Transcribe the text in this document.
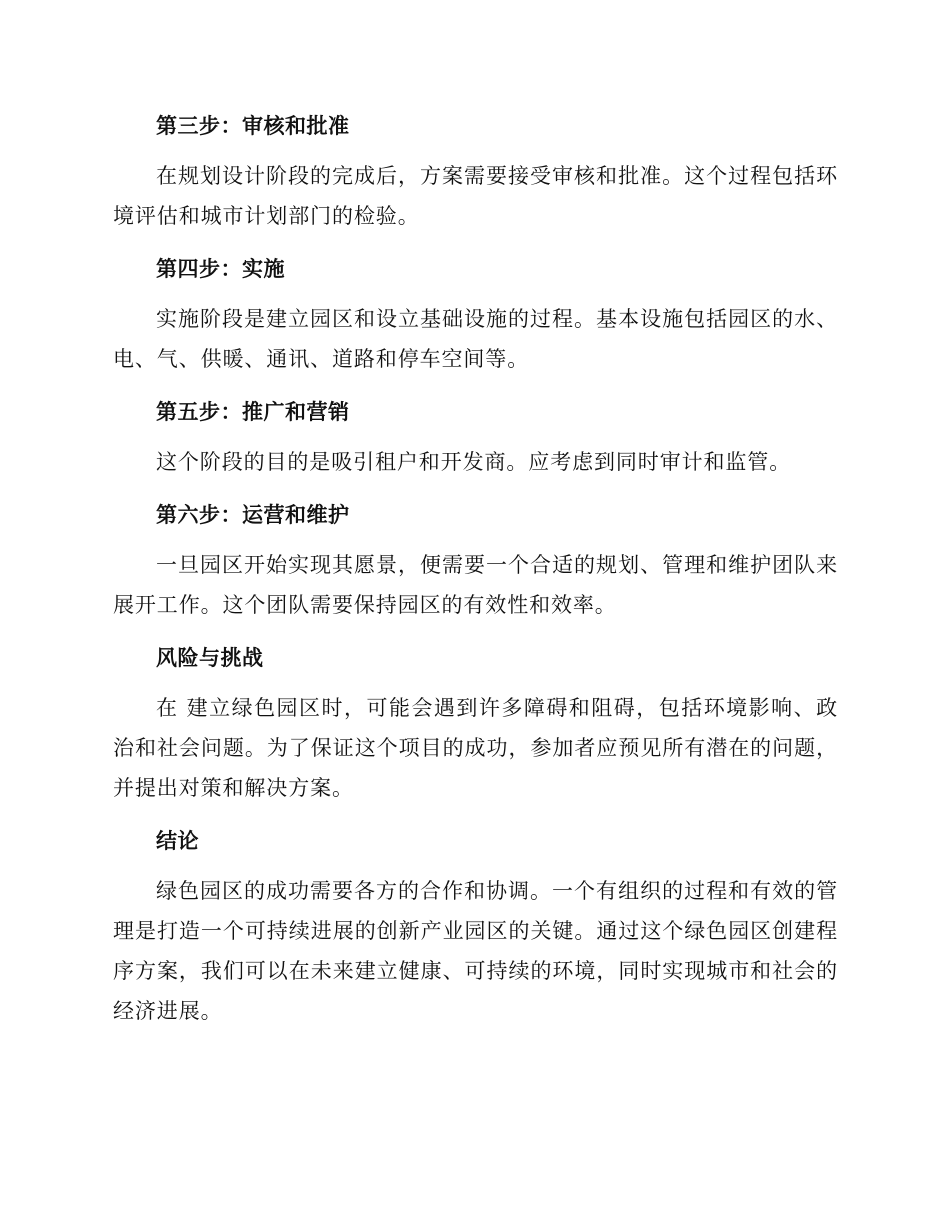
第三步：审核和批准

在规划设计阶段的完成后，方案需要接受审核和批准。这个过程包括环境评估和城市计划部门的检验。

第四步：实施

实施阶段是建立园区和设立基础设施的过程。基本设施包括园区的水、电、气、供暖、通讯、道路和停车空间等。

第五步：推广和营销

这个阶段的目的是吸引租户和开发商。应考虑到同时审计和监管。

第六步：运营和维护

一旦园区开始实现其愿景，便需要一个合适的规划、管理和维护团队来展开工作。这个团队需要保持园区的有效性和效率。

风险与挑战

在 建立绿色园区时，可能会遇到许多障碍和阻碍，包括环境影响、政治和社会问题。为了保证这个项目的成功，参加者应预见所有潜在的问题，并提出对策和解决方案。

结论

绿色园区的成功需要各方的合作和协调。一个有组织的过程和有效的管理是打造一个可持续进展的创新产业园区的关键。通过这个绿色园区创建程序方案，我们可以在未来建立健康、可持续的环境，同时实现城市和社会的经济进展。
